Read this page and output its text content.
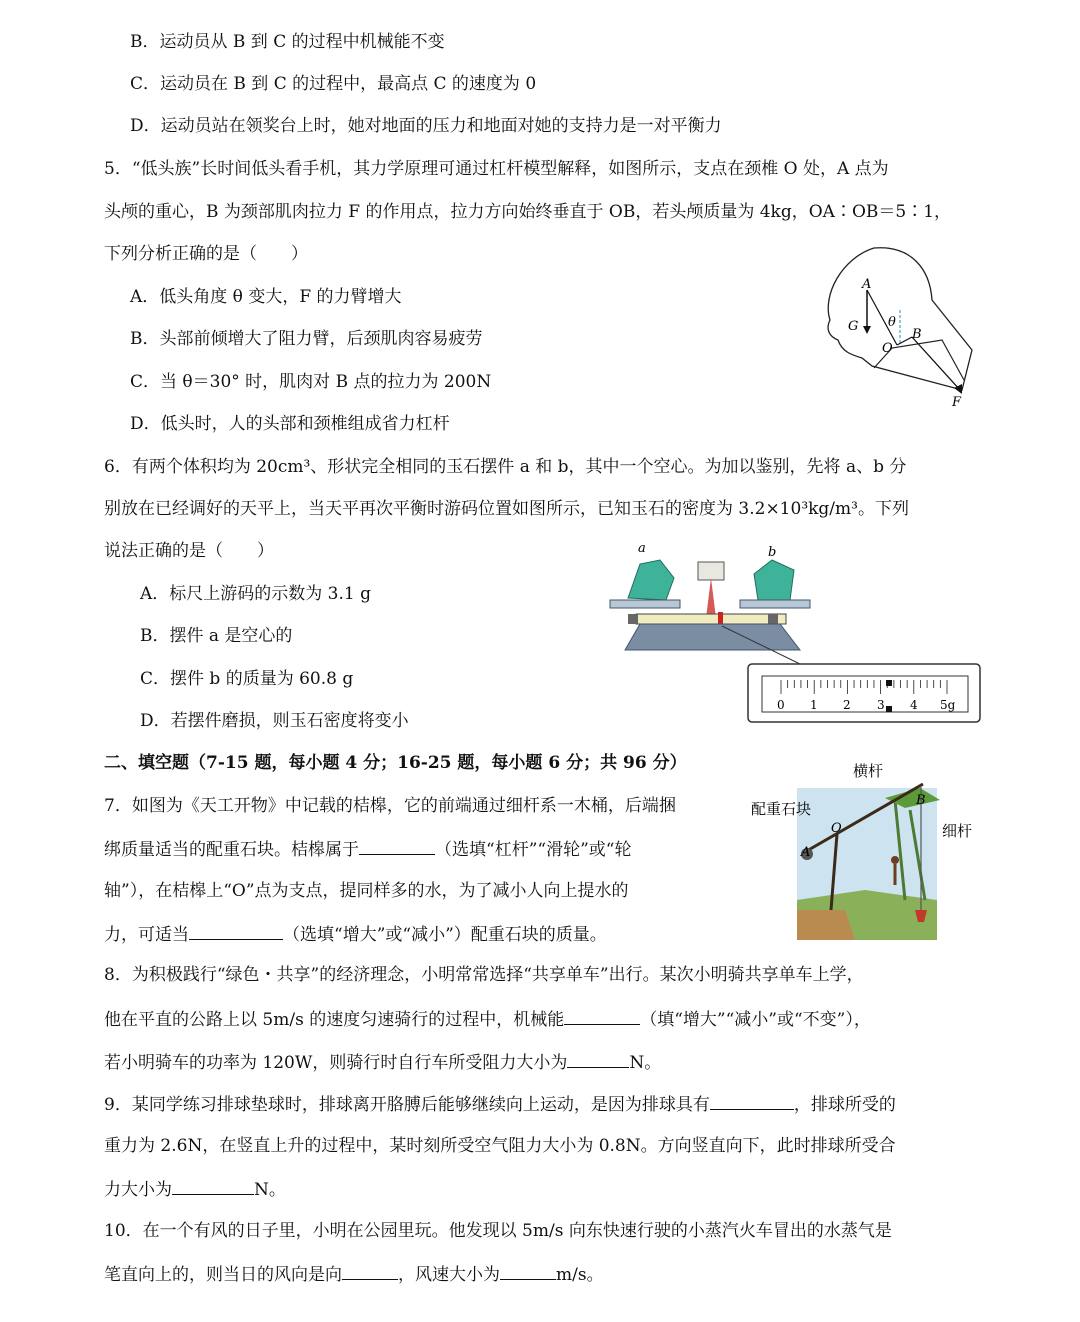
B．运动员从 B 到 C 的过程中机械能不变
C．运动员在 B 到 C 的过程中，最高点 C 的速度为 0
D．运动员站在领奖台上时，她对地面的压力和地面对她的支持力是一对平衡力
5．“低头族”长时间低头看手机，其力学原理可通过杠杆模型解释，如图所示，支点在颈椎 O 处，A 点为
头颅的重心，B 为颈部肌肉拉力 F 的作用点，拉力方向始终垂直于 OB，若头颅质量为 4kg，OA∶OB＝5∶1，
下列分析正确的是（　　）
A．低头角度 θ 变大，F 的力臂增大
B．头部前倾增大了阻力臂，后颈肌肉容易疲劳
C．当 θ＝30° 时，肌肉对 B 点的拉力为 200N
D．低头时，人的头部和颈椎组成省力杠杆
6．有两个体积均为 20cm³、形状完全相同的玉石摆件 a 和 b，其中一个空心。为加以鉴别，先将 a、b 分
别放在已经调好的天平上，当天平再次平衡时游码位置如图所示，已知玉石的密度为 3.2×10³kg/m³。下列
说法正确的是（　　）
A．标尺上游码的示数为 3.1 g
B．摆件 a 是空心的
C．摆件 b 的质量为 60.8 g
D．若摆件磨损，则玉石密度将变小
二、填空题（7-15 题，每小题 4 分；16-25 题，每小题 6 分；共 96 分）
7．如图为《天工开物》中记载的桔槔，它的前端通过细杆系一木桶，后端捆
绑质量适当的配重石块。桔槔属于	（选填“杠杆”“滑轮”或“轮
轴”），在桔槔上“O”点为支点，提同样多的水，为了减小人向上提水的
力，可适当	（选填“增大”或“减小”）配重石块的质量。
8．为积极践行“绿色・共享”的经济理念，小明常常选择“共享单车”出行。某次小明骑共享单车上学，
他在平直的公路上以 5m/s 的速度匀速骑行的过程中，机械能	（填“增大”“减小”或“不变”），
若小明骑车的功率为 120W，则骑行时自行车所受阻力大小为	N。
9．某同学练习排球垫球时，排球离开胳膊后能够继续向上运动，是因为排球具有	，排球所受的
重力为 2.6N，在竖直上升的过程中，某时刻所受空气阻力大小为 0.8N。方向竖直向下，此时排球所受合
力大小为	N。
10．在一个有风的日子里，小明在公园里玩。他发现以 5m/s 向东快速行驶的小蒸汽火车冒出的水蒸气是
笔直向上的，则当日的风向是向	，风速大小为	m/s。
A
G θ
O
B
F
a	b
0 1 2 3 4 5g
横杆
配重石块
细杆
B
O
A
